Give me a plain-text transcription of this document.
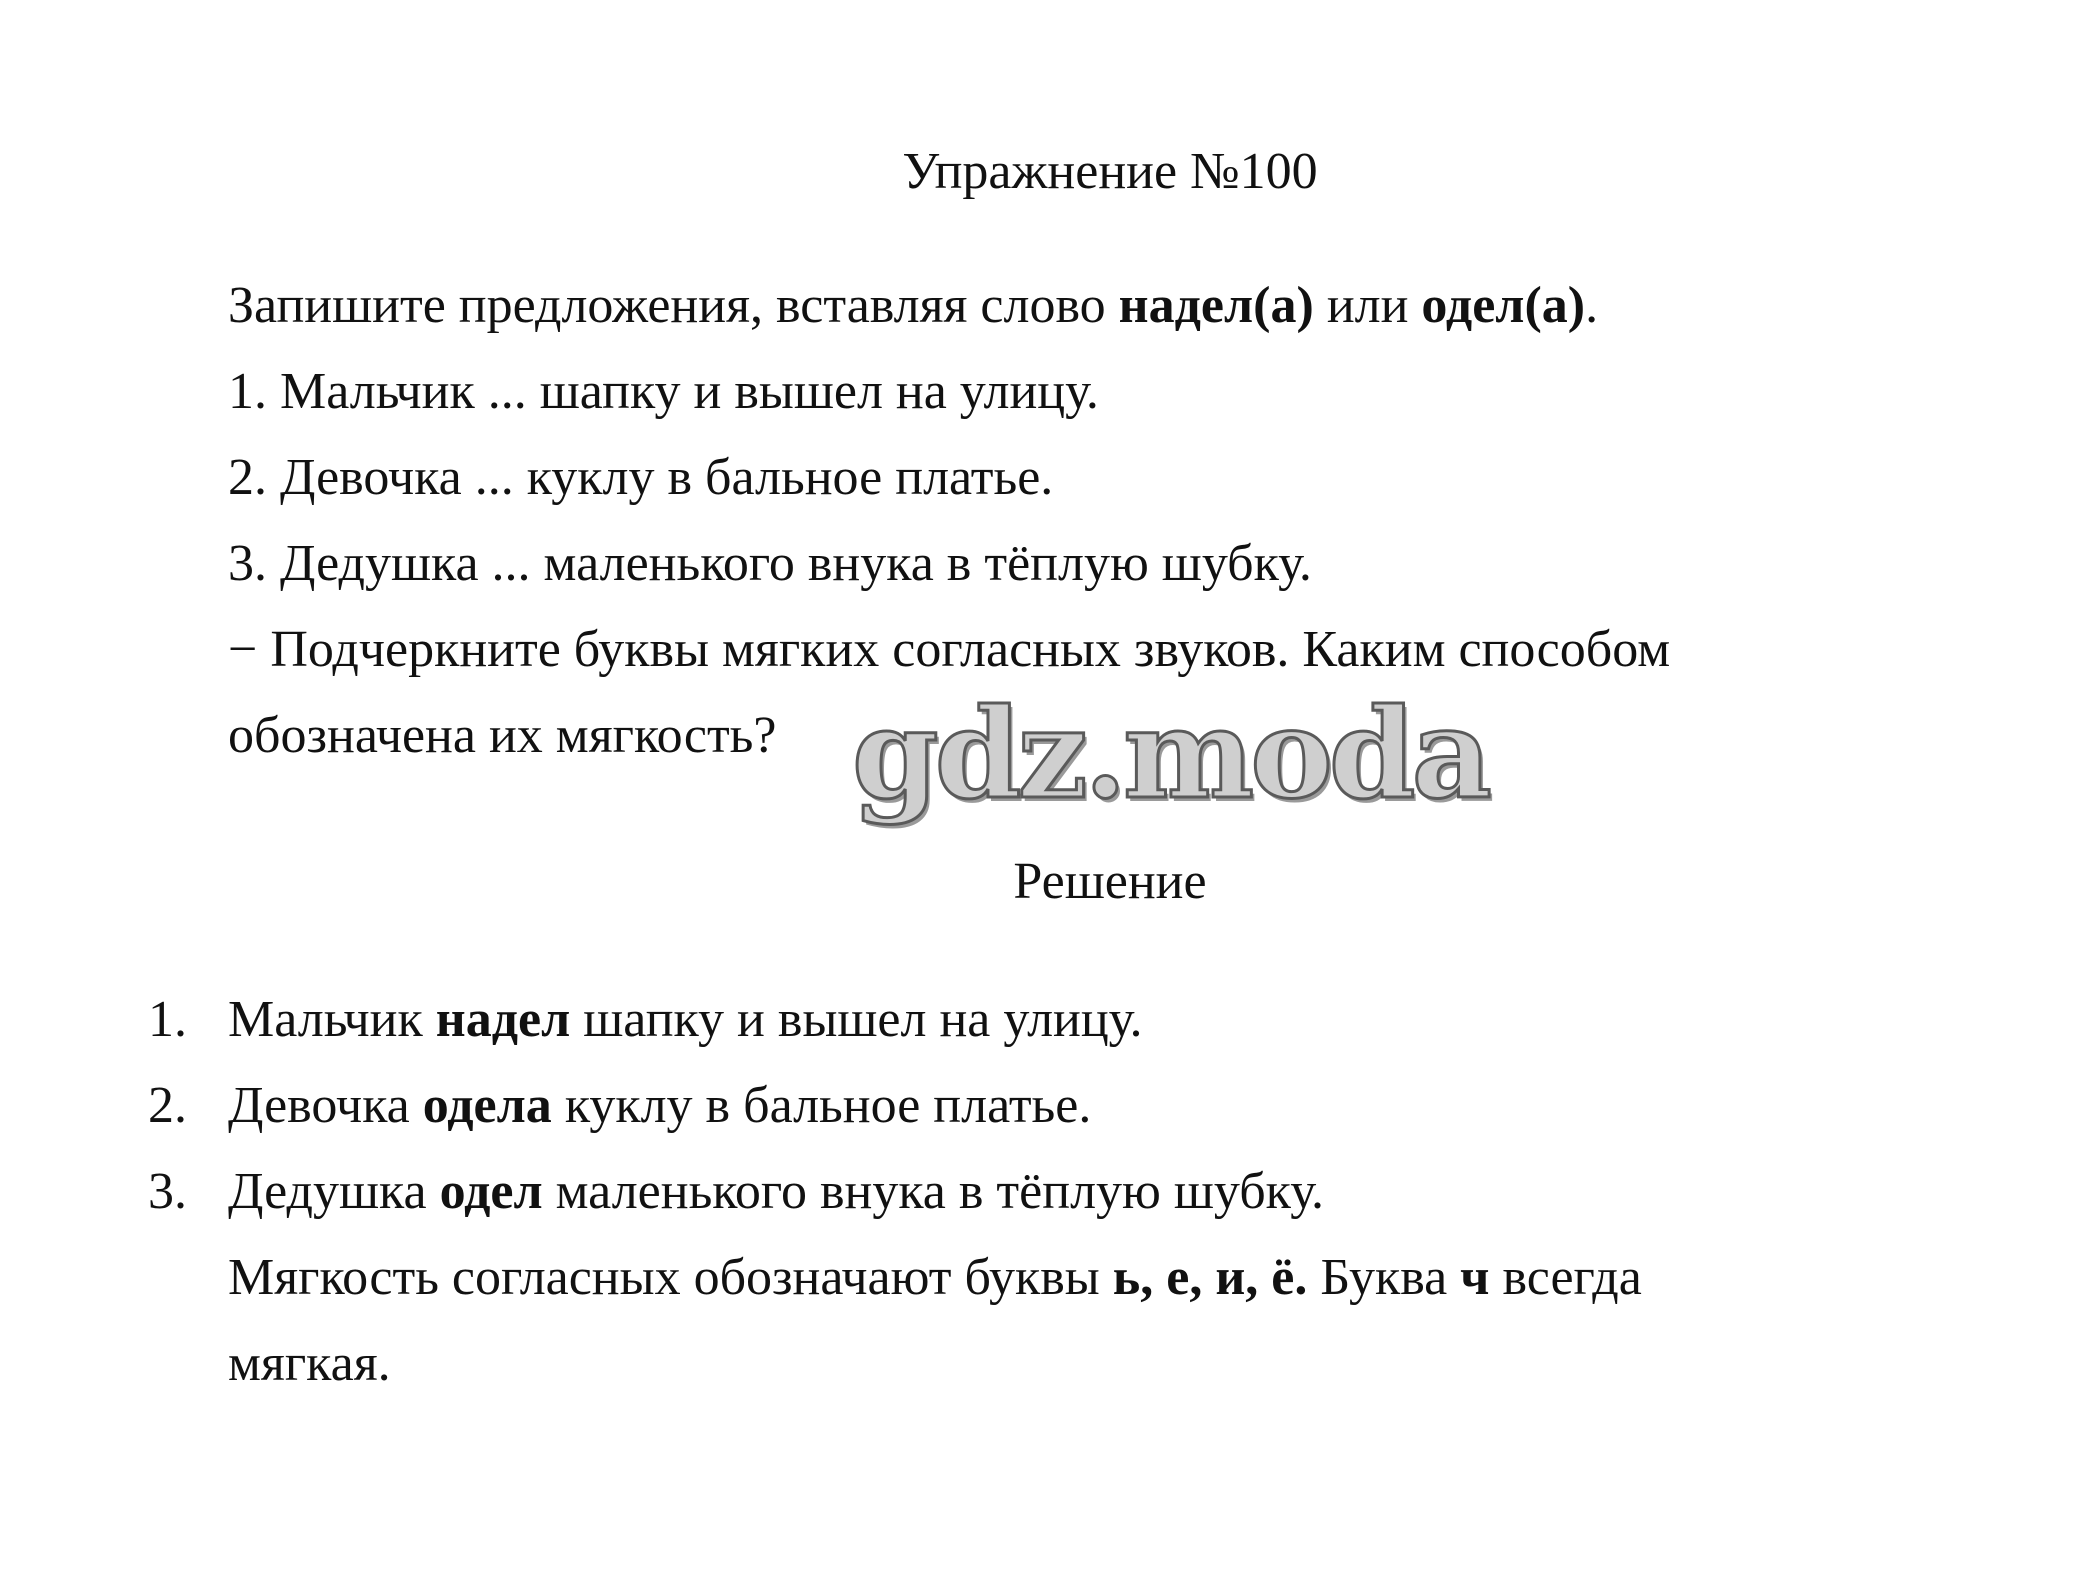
Упражнение №100
Запишите предложения, вставляя слово надел(а) или одел(а).
1. Мальчик ... шапку и вышел на улицу.
2. Девочка ... куклу в бальное платье.
3. Дедушка ... маленького внука в тёплую шубку.
− Подчеркните буквы мягких согласных звуков. Каким способом
обозначена их мягкость? gdz.moda
Решение
1. Мальчик надел шапку и вышел на улицу.
2. Девочка одела куклу в бальное платье.
3. Дедушка одел маленького внука в тёплую шубку.
Мягкость согласных обозначают буквы ь, е, и, ё. Буква ч всегда
мягкая.
